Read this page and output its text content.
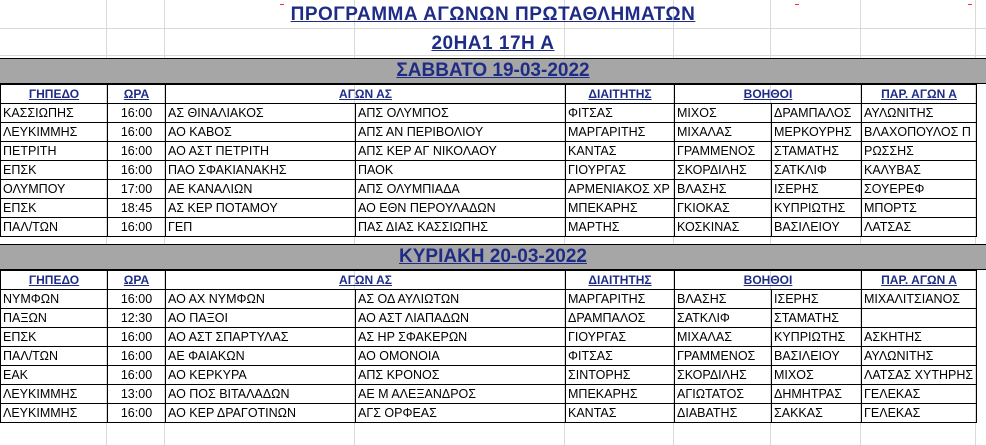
ΠΡΟΓΡΑΜΜΑ ΑΓΩΝΩΝ ΠΡΩΤΑΘΛΗΜΑΤΩΝ
20ΗΑ1 17Η Α
ΣΑΒΒΑΤΟ 19-03-2022
ΓΗΠΕΔΟ	ΩΡΑ	ΑΓΩΝ ΑΣ		ΔΙΑΙΤΗΤΗΣ	ΒΟΗΘΟΙ		ΠΑΡ. ΑΓΩΝ Α
ΚΑΣΣΙΩΠΗΣ	16:00	ΑΣ ΘΙΝΑΛΙΑΚΟΣ	ΑΠΣ ΟΛΥΜΠΟΣ	ΦΙΤΣΑΣ	ΜΙΧΟΣ	ΔΡΑΜΠΑΛΟΣ	ΑΥΛΩΝΙΤΗΣ
ΛΕΥΚΙΜΜΗΣ	16:00	ΑΟ ΚΑΒΟΣ	ΑΠΣ ΑΝ ΠΕΡΙΒΟΛΙΟΥ	ΜΑΡΓΑΡΙΤΗΣ	ΜΙΧΑΛΑΣ	ΜΕΡΚΟΥΡΗΣ	ΒΛΑΧΟΠΟΥΛΟΣ Π
ΠΕΤΡΙΤΗ	16:00	ΑΟ ΑΣΤ ΠΕΤΡΙΤΗ	ΑΠΣ ΚΕΡ ΑΓ ΝΙΚΟΛΑΟΥ	ΚΑΝΤΑΣ	ΓΡΑΜΜΕΝΟΣ	ΣΤΑΜΑΤΗΣ	ΡΩΣΣΗΣ
ΕΠΣΚ	16:00	ΠΑΟ ΣΦΑΚΙΑΝΑΚΗΣ	ΠΑΟΚ	ΓΙΟΥΡΓΑΣ	ΣΚΟΡΔΙΛΗΣ	ΣΑΤΚΛΙΦ	ΚΑΛΥΒΑΣ
ΟΛΥΜΠΟΥ	17:00	ΑΕ ΚΑΝΑΛΙΩΝ	ΑΠΣ ΟΛΥΜΠΙΑΔΑ	ΑΡΜΕΝΙΑΚΟΣ ΧΡ	ΒΛΑΣΗΣ	ΙΣΕΡΗΣ	ΣΟΥΕΡΕΦ
ΕΠΣΚ	18:45	ΑΣ ΚΕΡ ΠΟΤΑΜΟΥ	ΑΟ ΕΘΝ ΠΕΡΟΥΛΑΔΩΝ	ΜΠΕΚΑΡΗΣ	ΓΚΙΟΚΑΣ	ΚΥΠΡΙΩΤΗΣ	ΜΠΟΡΤΣ
ΠΑΛ/ΤΩΝ	16:00	ΓΕΠ	ΠΑΣ ΔΙΑΣ ΚΑΣΣΙΩΠΗΣ	ΜΑΡΤΗΣ	ΚΟΣΚΙΝΑΣ	ΒΑΣΙΛΕΙΟΥ	ΛΑΤΣΑΣ
ΚΥΡΙΑΚΗ 20-03-2022
ΓΗΠΕΔΟ	ΩΡΑ	ΑΓΩΝ ΑΣ		ΔΙΑΙΤΗΤΗΣ	ΒΟΗΘΟΙ		ΠΑΡ. ΑΓΩΝ Α
ΝΥΜΦΩΝ	16:00	ΑΟ ΑΧ ΝΥΜΦΩΝ	ΑΣ ΟΔ ΑΥΛΙΩΤΩΝ	ΜΑΡΓΑΡΙΤΗΣ	ΒΛΑΣΗΣ	ΙΣΕΡΗΣ	ΜΙΧΑΛΙΤΣΙΑΝΟΣ
ΠΑΞΩΝ	12:30	ΑΟ ΠΑΞΟΙ	ΑΟ ΑΣΤ ΛΙΑΠΑΔΩΝ	ΔΡΑΜΠΑΛΟΣ	ΣΑΤΚΛΙΦ	ΣΤΑΜΑΤΗΣ	
ΕΠΣΚ	16:00	ΑΟ ΑΣΤ ΣΠΑΡΤΥΛΑΣ	ΑΣ ΗΡ ΣΦΑΚΕΡΩΝ	ΓΙΟΥΡΓΑΣ	ΜΙΧΑΛΑΣ	ΚΥΠΡΙΩΤΗΣ	ΑΣΚΗΤΗΣ
ΠΑΛ/ΤΩΝ	16:00	ΑΕ ΦΑΙΑΚΩΝ	ΑΟ ΟΜΟΝΟΙΑ	ΦΙΤΣΑΣ	ΓΡΑΜΜΕΝΟΣ	ΒΑΣΙΛΕΙΟΥ	ΑΥΛΩΝΙΤΗΣ
ΕΑΚ	16:00	ΑΟ ΚΕΡΚΥΡΑ	ΑΠΣ ΚΡΟΝΟΣ	ΣΙΝΤΟΡΗΣ	ΣΚΟΡΔΙΛΗΣ	ΜΙΧΟΣ	ΛΑΤΣΑΣ ΧΥΤΗΡΗΣ
ΛΕΥΚΙΜΜΗΣ	13:00	ΑΟ ΠΟΣ ΒΙΤΑΛΑΔΩΝ	ΑΕ Μ ΑΛΕΞΑΝΔΡΟΣ	ΜΠΕΚΑΡΗΣ	ΑΓΙΩΤΑΤΟΣ	ΔΗΜΗΤΡΑΣ	ΓΕΛΕΚΑΣ
ΛΕΥΚΙΜΜΗΣ	16:00	ΑΟ ΚΕΡ ΔΡΑΓΟΤΙΝΩΝ	ΑΓΣ ΟΡΦΕΑΣ	ΚΑΝΤΑΣ	ΔΙΑΒΑΤΗΣ	ΣΑΚΚΑΣ	ΓΕΛΕΚΑΣ
